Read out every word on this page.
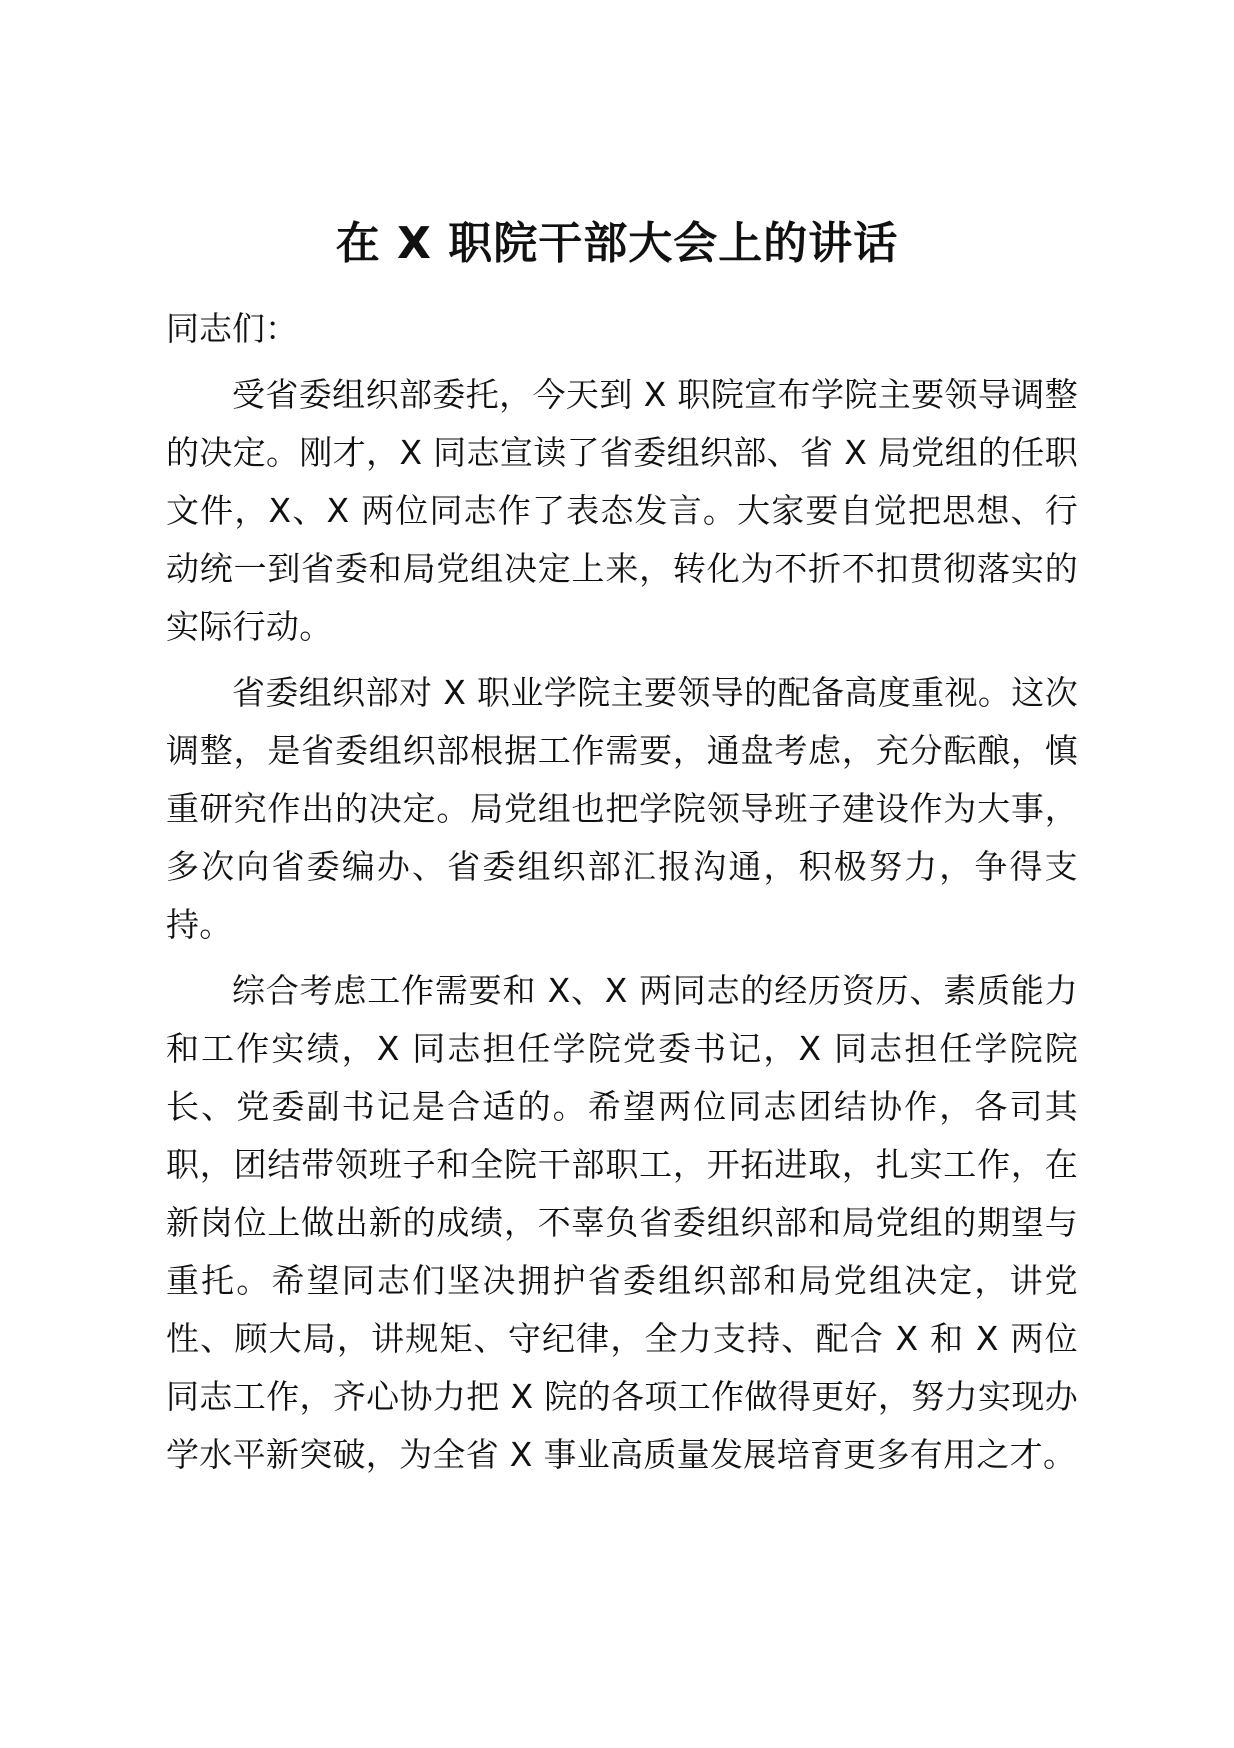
在 X 职院干部大会上的讲话

同志们：

受省委组织部委托，今天到 X 职院宣布学院主要领导调整的决定。刚才，X 同志宣读了省委组织部、省 X 局党组的任职文件，X、X 两位同志作了表态发言。大家要自觉把思想、行动统一到省委和局党组决定上来，转化为不折不扣贯彻落实的实际行动。

省委组织部对 X 职业学院主要领导的配备高度重视。这次调整，是省委组织部根据工作需要，通盘考虑，充分酝酿，慎重研究作出的决定。局党组也把学院领导班子建设作为大事，多次向省委编办、省委组织部汇报沟通，积极努力，争得支持。

综合考虑工作需要和 X、X 两同志的经历资历、素质能力和工作实绩，X 同志担任学院党委书记，X 同志担任学院院长、党委副书记是合适的。希望两位同志团结协作，各司其职，团结带领班子和全院干部职工，开拓进取，扎实工作，在新岗位上做出新的成绩，不辜负省委组织部和局党组的期望与重托。希望同志们坚决拥护省委组织部和局党组决定，讲党性、顾大局，讲规矩、守纪律，全力支持、配合 X 和 X 两位同志工作，齐心协力把 X 院的各项工作做得更好，努力实现办学水平新突破，为全省 X 事业高质量发展培育更多有用之才。
